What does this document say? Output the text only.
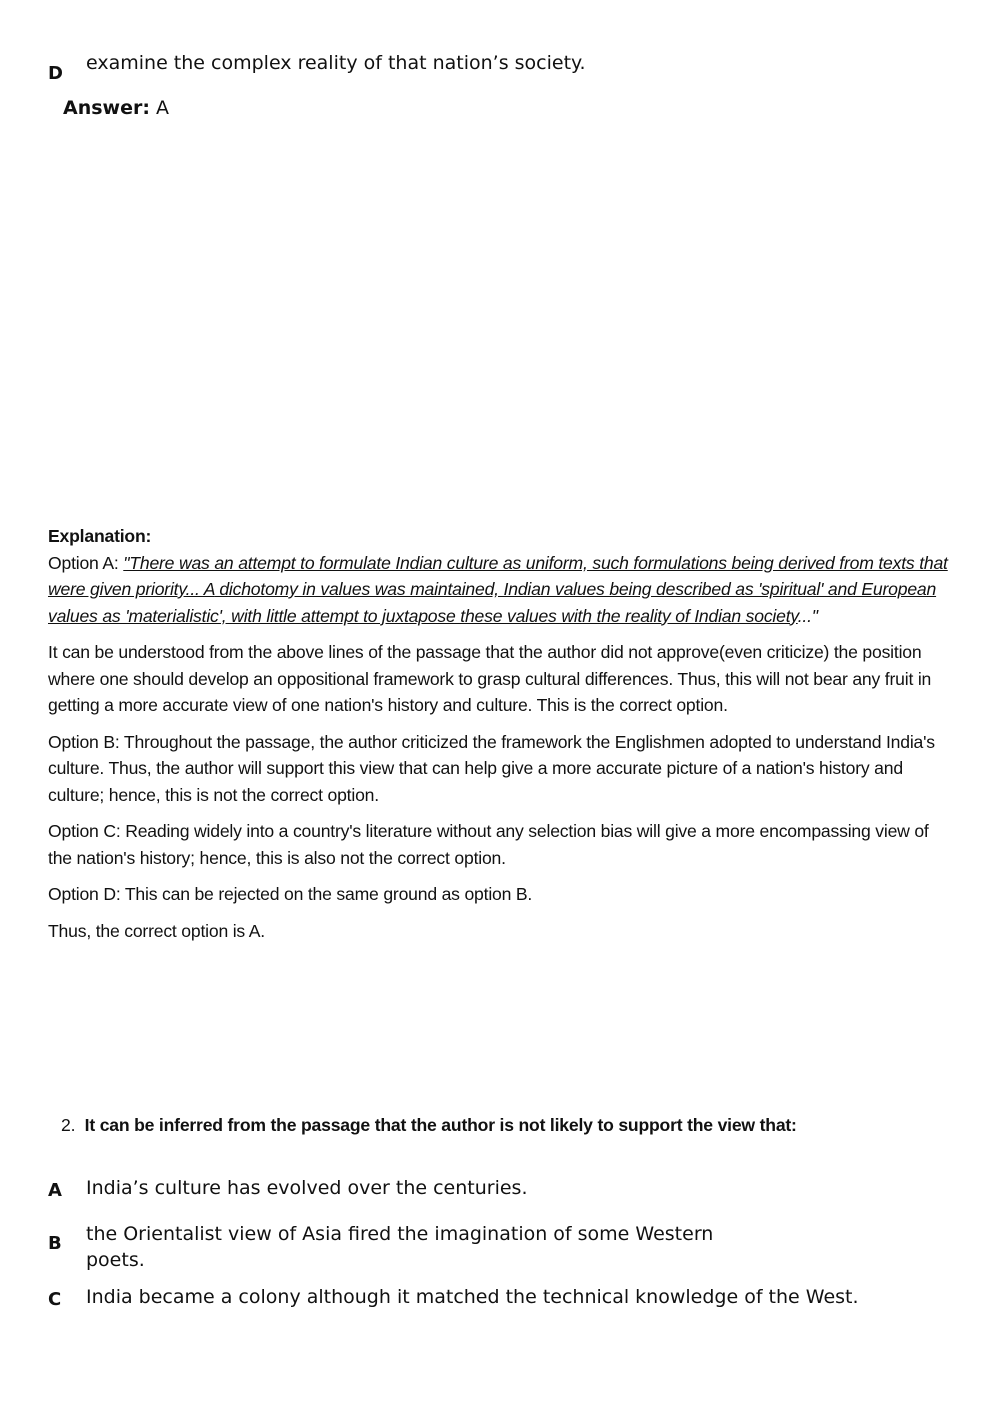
D examine the complex reality of that nation’s society.
Answer: A
Explanation:

Option A: "There was an attempt to formulate Indian culture as uniform, such formulations being derived from texts that were given priority... A dichotomy in values was maintained, Indian values being described as 'spiritual' and European values as 'materialistic', with little attempt to juxtapose these values with the reality of Indian society..."

It can be understood from the above lines of the passage that the author did not approve(even criticize) the position where one should develop an oppositional framework to grasp cultural differences. Thus, this will not bear any fruit in getting a more accurate view of one nation's history and culture. This is the correct option.

Option B: Throughout the passage, the author criticized the framework the Englishmen adopted to understand India's culture. Thus, the author will support this view that can help give a more accurate picture of a nation's history and culture; hence, this is not the correct option.

Option C: Reading widely into a country's literature without any selection bias will give a more encompassing view of the nation's history; hence, this is also not the correct option.

Option D: This can be rejected on the same ground as option B.

Thus, the correct option is A.

2. It can be inferred from the passage that the author is not likely to support the view that:
A India’s culture has evolved over the centuries.
B the Orientalist view of Asia fired the imagination of some Western poets.
C India became a colony although it matched the technical knowledge of the West.
